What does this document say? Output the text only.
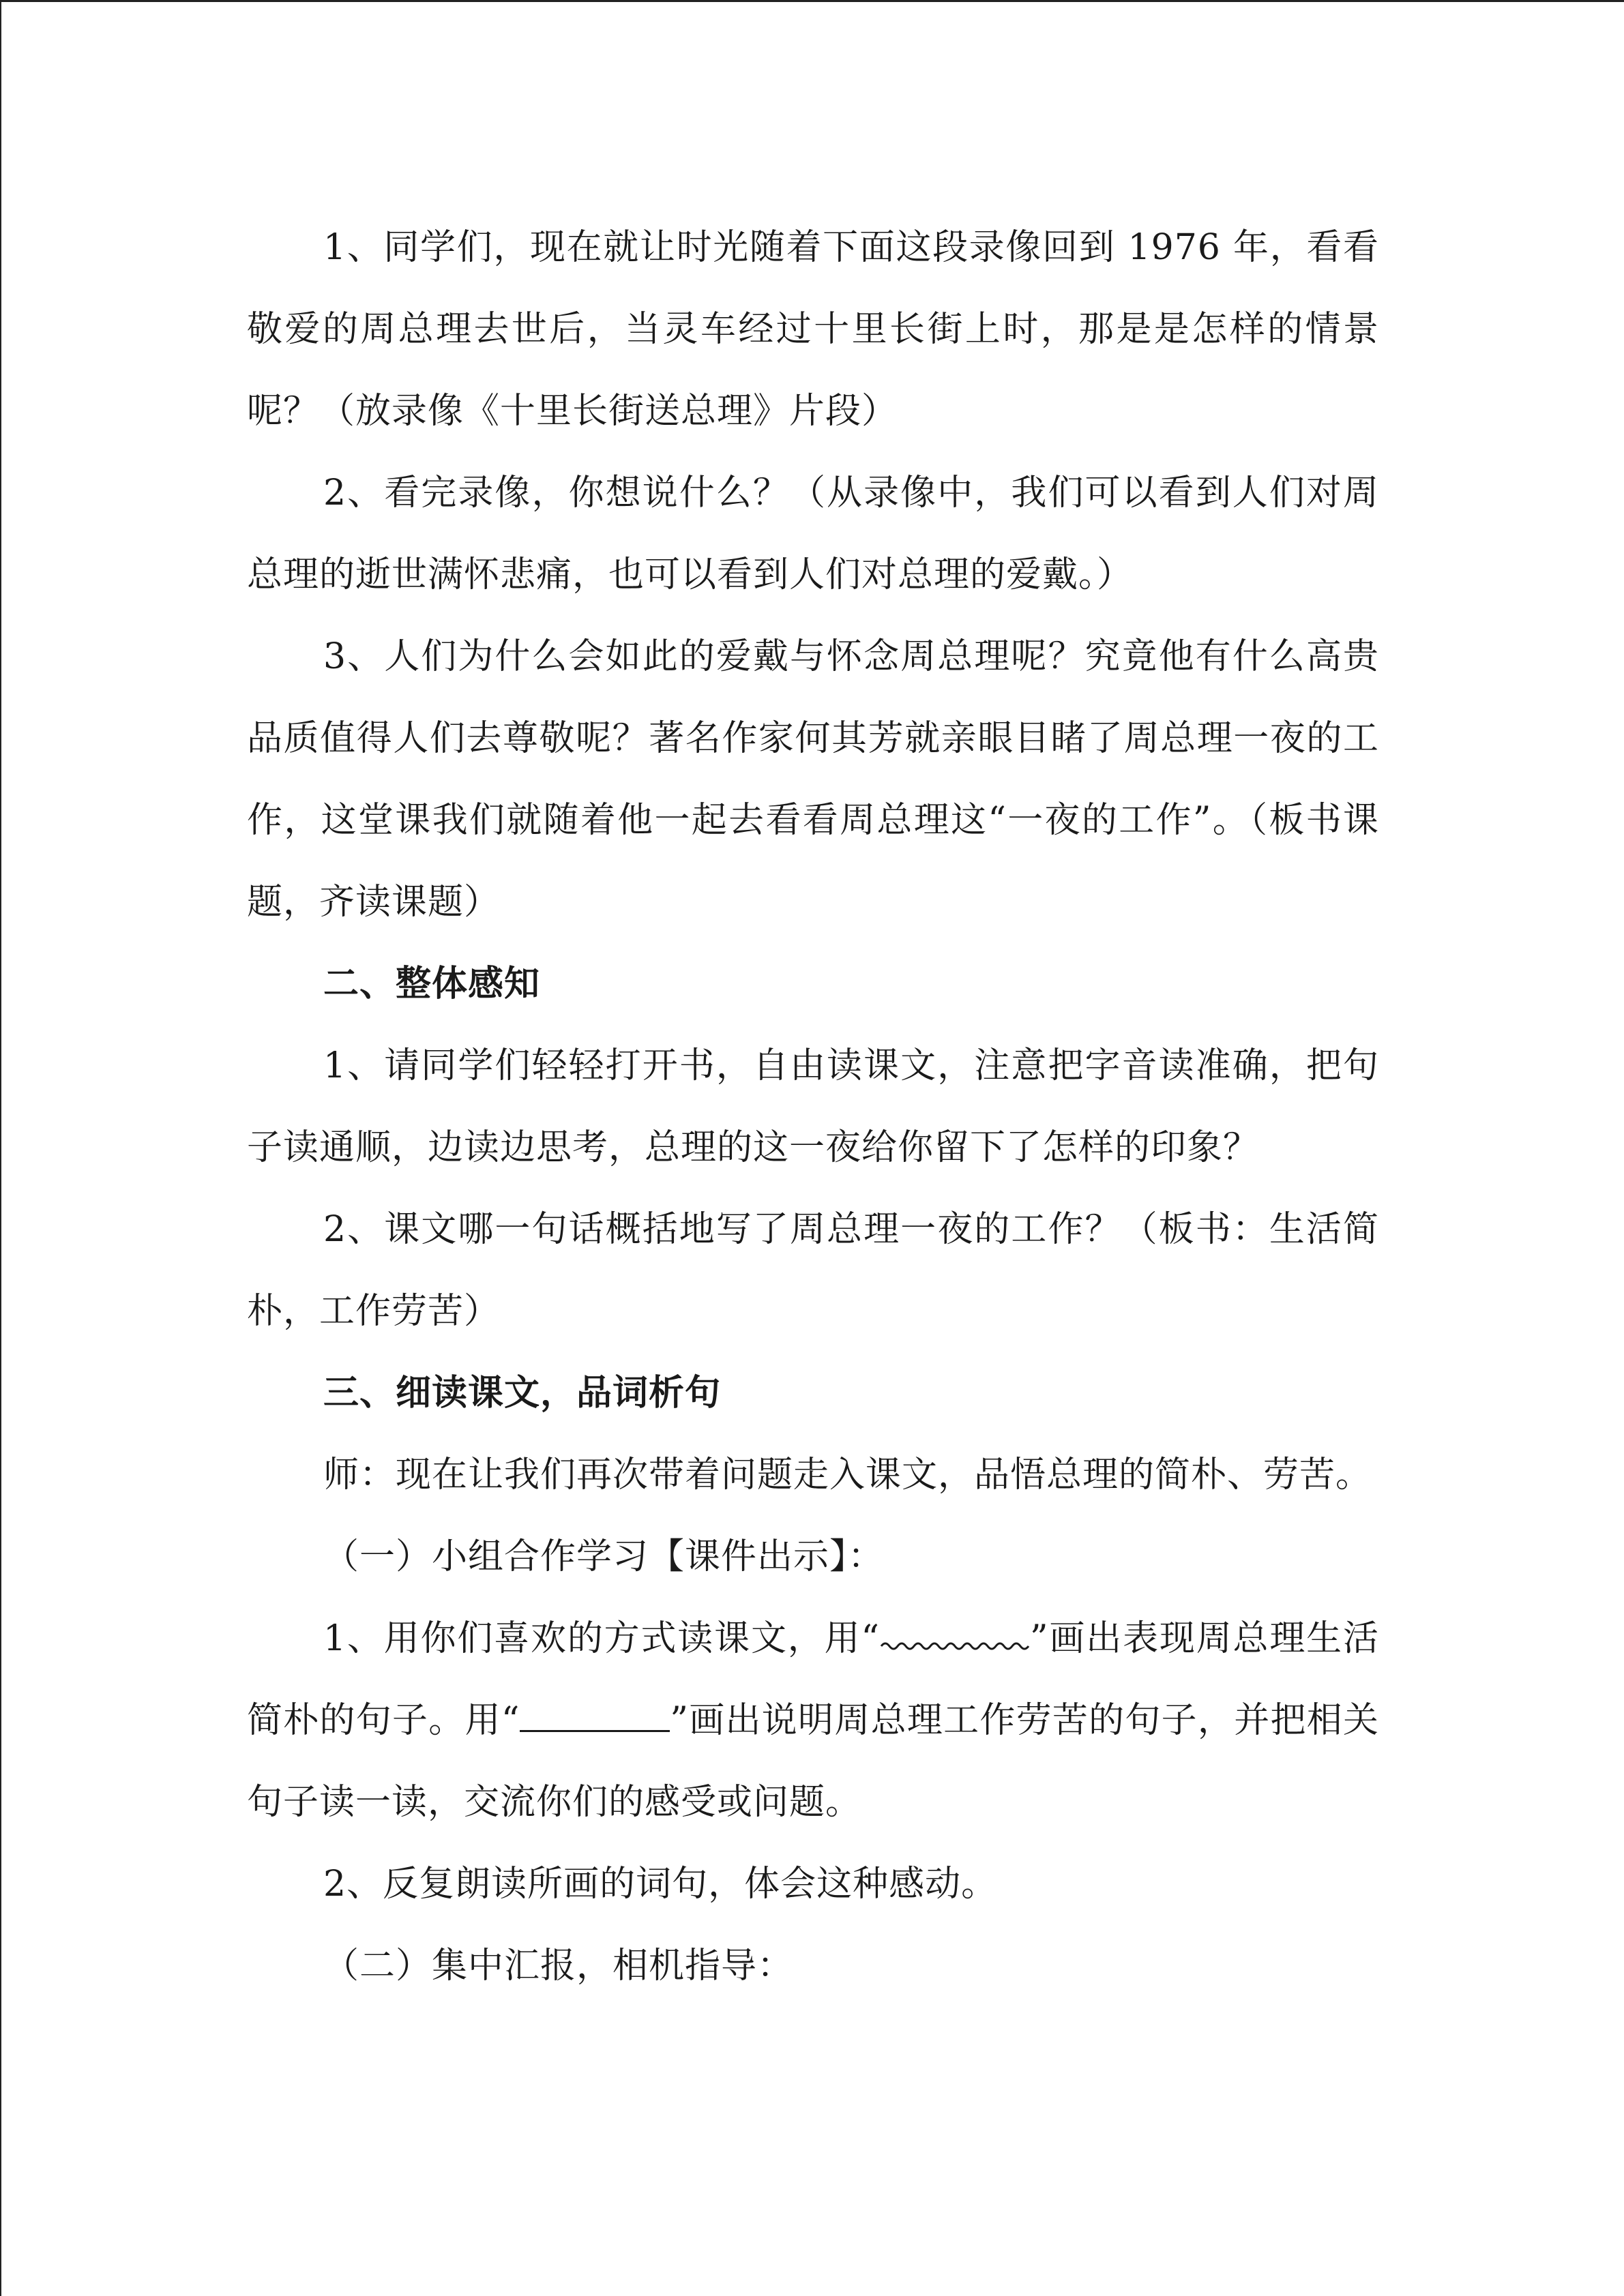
1、同学们，现在就让时光随着下面这段录像回到 1976 年，看看敬爱的周总理去世后，当灵车经过十里长街上时，那是是怎样的情景呢？（放录像《十里长街送总理》片段）

2、看完录像，你想说什么？（从录像中，我们可以看到人们对周总理的逝世满怀悲痛，也可以看到人们对总理的爱戴。）

3、人们为什么会如此的爱戴与怀念周总理呢？究竟他有什么高贵品质值得人们去尊敬呢？著名作家何其芳就亲眼目睹了周总理一夜的工作，这堂课我们就随着他一起去看看周总理这“一夜的工作”。（板书课题，齐读课题）

二、整体感知

1、请同学们轻轻打开书，自由读课文，注意把字音读准确，把句子读通顺，边读边思考，总理的这一夜给你留下了怎样的印象？

2、课文哪一句话概括地写了周总理一夜的工作？（板书：生活简朴，工作劳苦）

三、细读课文，品词析句

师：现在让我们再次带着问题走入课文，品悟总理的简朴、劳苦。

（一）小组合作学习【课件出示】：

1、用你们喜欢的方式读课文，用“	”画出表现周总理生活简朴的句子。用“	”画出说明周总理工作劳苦的句子，并把相关句子读一读，交流你们的感受或问题。

2、反复朗读所画的词句，体会这种感动。

（二）集中汇报，相机指导：
